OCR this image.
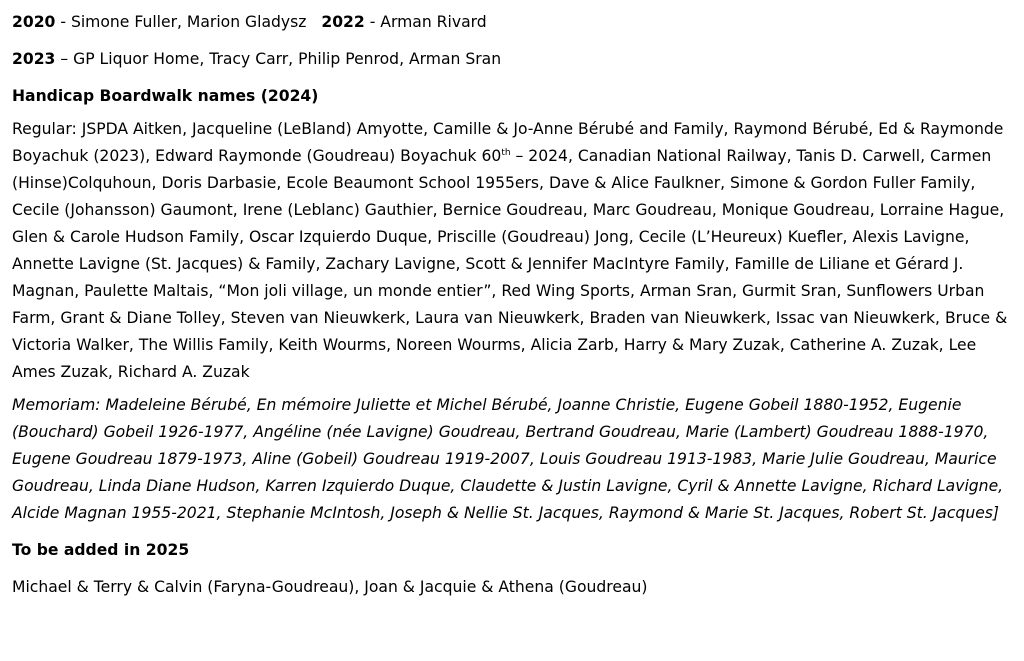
2020 - Simone Fuller, Marion Gladysz   2022 - Arman Rivard

2023 – GP Liquor Home, Tracy Carr, Philip Penrod, Arman Sran

Handicap Boardwalk names (2024)

Regular: JSPDA Aitken, Jacqueline (LeBland) Amyotte, Camille & Jo-Anne Bérubé and Family, Raymond Bérubé, Ed & Raymonde Boyachuk (2023), Edward Raymonde (Goudreau) Boyachuk 60th – 2024, Canadian National Railway, Tanis D. Carwell, Carmen (Hinse)Colquhoun, Doris Darbasie, Ecole Beaumont School 1955ers, Dave & Alice Faulkner, Simone & Gordon Fuller Family, Cecile (Johansson) Gaumont, Irene (Leblanc) Gauthier, Bernice Goudreau, Marc Goudreau, Monique Goudreau, Lorraine Hague, Glen & Carole Hudson Family, Oscar Izquierdo Duque, Priscille (Goudreau) Jong, Cecile (L’Heureux) Kuefler, Alexis Lavigne, Annette Lavigne (St. Jacques) & Family, Zachary Lavigne, Scott & Jennifer MacIntyre Family, Famille de Liliane et Gérard J. Magnan, Paulette Maltais, “Mon joli village, un monde entier”, Red Wing Sports, Arman Sran, Gurmit Sran, Sunflowers Urban Farm, Grant & Diane Tolley, Steven van Nieuwkerk, Laura van Nieuwkerk, Braden van Nieuwkerk, Issac van Nieuwkerk, Bruce & Victoria Walker, The Willis Family, Keith Wourms, Noreen Wourms, Alicia Zarb, Harry & Mary Zuzak, Catherine A. Zuzak, Lee Ames Zuzak, Richard A. Zuzak

Memoriam: Madeleine Bérubé, En mémoire Juliette et Michel Bérubé, Joanne Christie, Eugene Gobeil 1880-1952, Eugenie (Bouchard) Gobeil 1926-1977, Angéline (née Lavigne) Goudreau, Bertrand Goudreau, Marie (Lambert) Goudreau 1888-1970, Eugene Goudreau 1879-1973, Aline (Gobeil) Goudreau 1919-2007, Louis Goudreau 1913-1983, Marie Julie Goudreau, Maurice Goudreau, Linda Diane Hudson, Karren Izquierdo Duque, Claudette & Justin Lavigne, Cyril & Annette Lavigne, Richard Lavigne, Alcide Magnan 1955-2021, Stephanie McIntosh, Joseph & Nellie St. Jacques, Raymond & Marie St. Jacques, Robert St. Jacques]

To be added in 2025

Michael & Terry & Calvin (Faryna-Goudreau), Joan & Jacquie & Athena (Goudreau)
